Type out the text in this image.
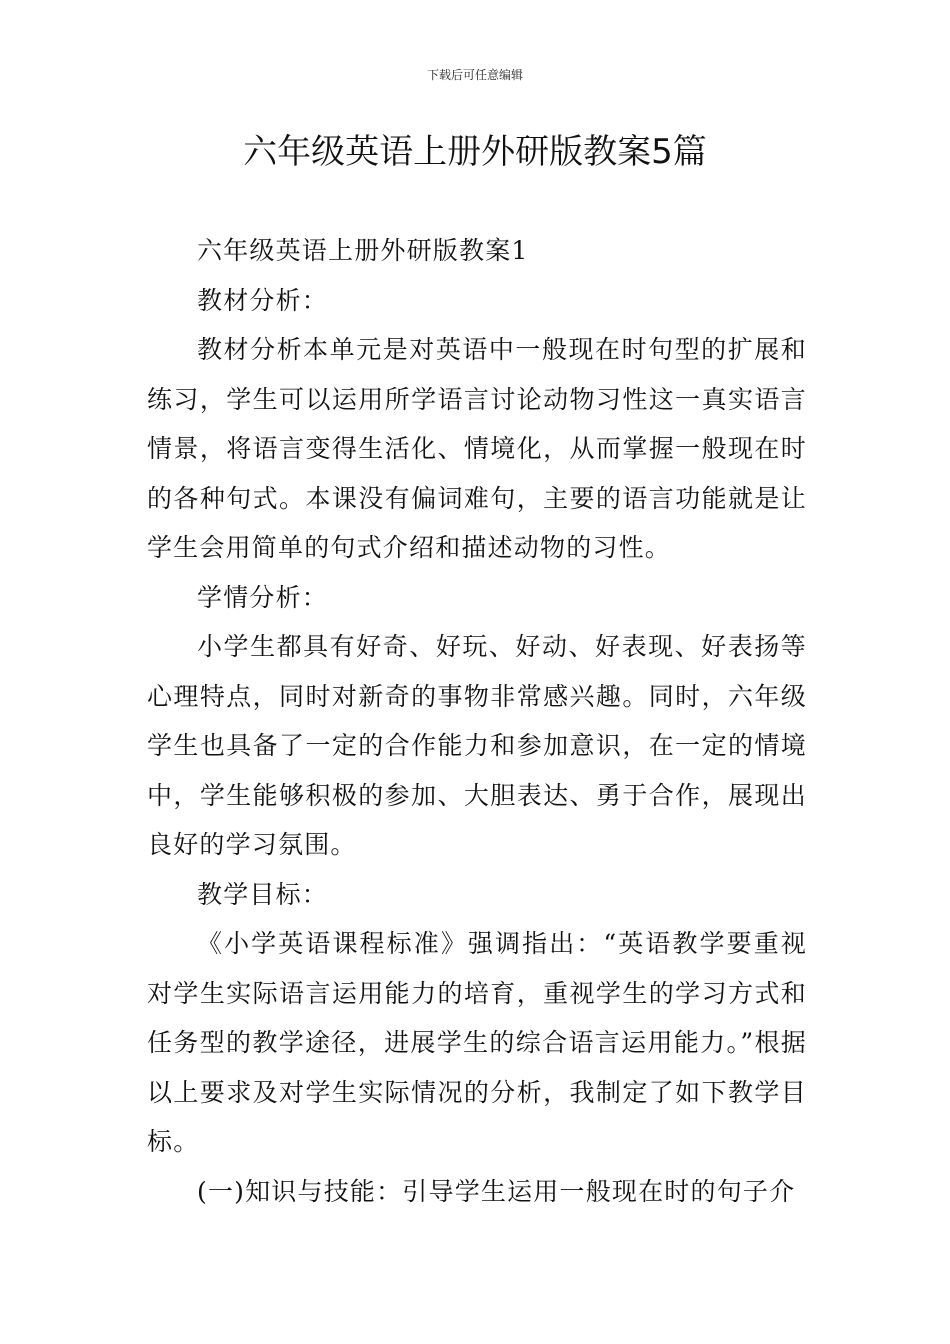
下载后可任意编辑
六年级英语上册外研版教案5篇

六年级英语上册外研版教案1

教材分析：

教材分析本单元是对英语中一般现在时句型的扩展和练习，学生可以运用所学语言讨论动物习性这一真实语言情景，将语言变得生活化、情境化，从而掌握一般现在时的各种句式。本课没有偏词难句，主要的语言功能就是让学生会用简单的句式介绍和描述动物的习性。

学情分析：

小学生都具有好奇、好玩、好动、好表现、好表扬等心理特点，同时对新奇的事物非常感兴趣。同时，六年级学生也具备了一定的合作能力和参加意识，在一定的情境中，学生能够积极的参加、大胆表达、勇于合作，展现出良好的学习氛围。

教学目标：

《小学英语课程标准》强调指出：“英语教学要重视对学生实际语言运用能力的培育，重视学生的学习方式和任务型的教学途径，进展学生的综合语言运用能力。”根据以上要求及对学生实际情况的分析，我制定了如下教学目标。

(一)知识与技能：引导学生运用一般现在时的句子介
